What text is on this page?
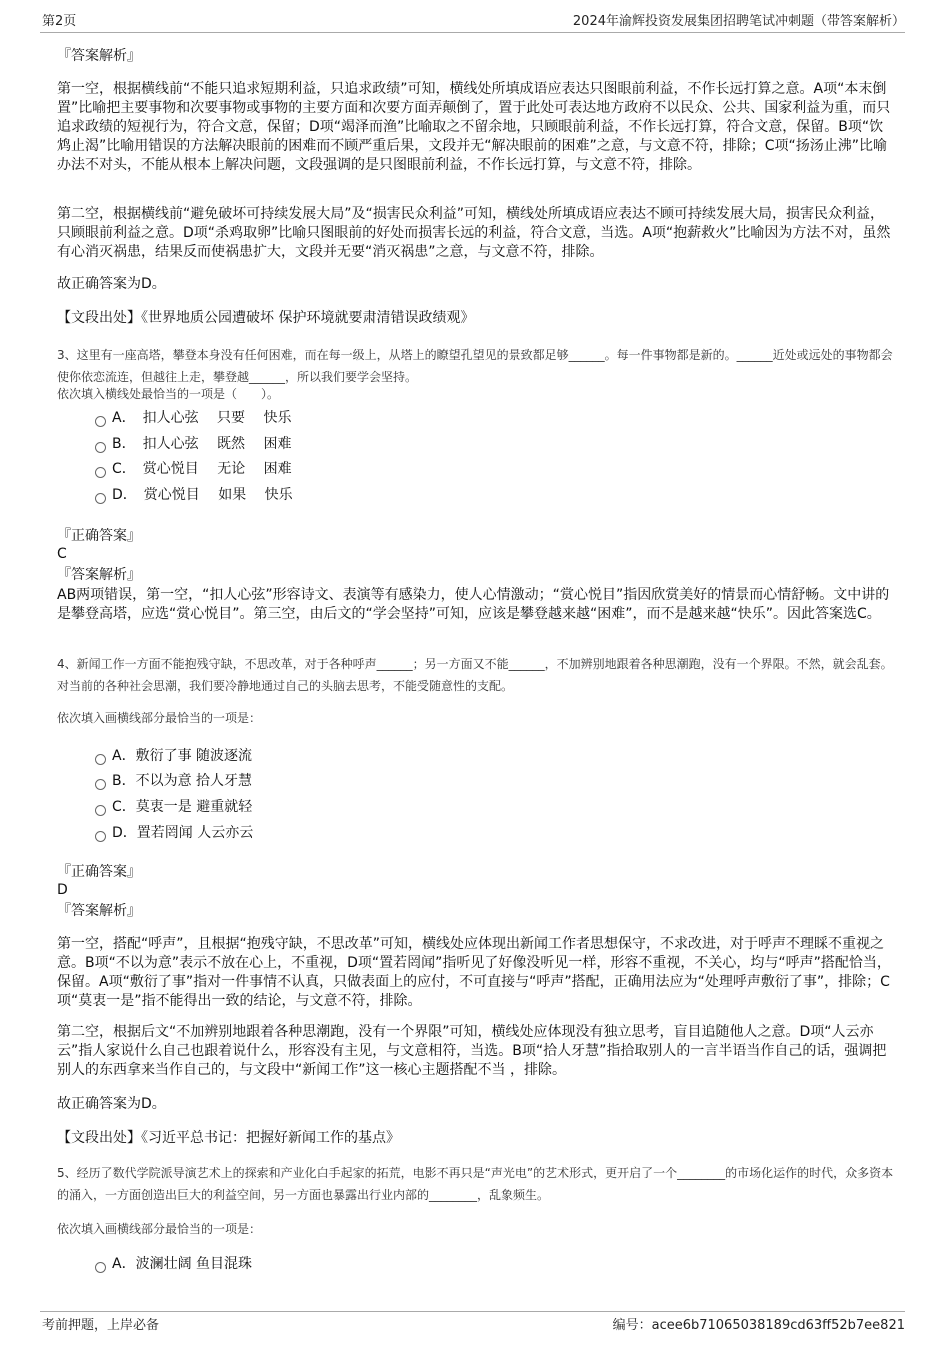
第2页	2024年渝辉投资发展集团招聘笔试冲刺题（带答案解析）
『答案解析』
第一空，根据横线前“不能只追求短期利益，只追求政绩”可知，横线处所填成语应表达只图眼前利益，不作长远打算之意。A项“本末倒置”比喻把主要事物和次要事物或事物的主要方面和次要方面弄颠倒了，置于此处可表达地方政府不以民众、公共、国家利益为重，而只追求政绩的短视行为，符合文意，保留；D项“竭泽而渔”比喻取之不留余地，只顾眼前利益，不作长远打算，符合文意，保留。B项“饮鸩止渴”比喻用错误的方法解决眼前的困难而不顾严重后果，文段并无“解决眼前的困难”之意，与文意不符，排除；C项“扬汤止沸”比喻办法不对头，不能从根本上解决问题，文段强调的是只图眼前利益，不作长远打算，与文意不符，排除。
第二空，根据横线前“避免破坏可持续发展大局”及“损害民众利益”可知，横线处所填成语应表达不顾可持续发展大局，损害民众利益，只顾眼前利益之意。D项“杀鸡取卵”比喻只图眼前的好处而损害长远的利益，符合文意，当选。A项“抱薪救火”比喻因为方法不对，虽然有心消灭祸患，结果反而使祸患扩大，文段并无要“消灭祸患”之意，与文意不符，排除。
故正确答案为D。
【文段出处】《世界地质公园遭破坏 保护环境就要肃清错误政绩观》
3、这里有一座高塔，攀登本身没有任何困难，而在每一级上，从塔上的瞭望孔望见的景致都足够______。每一件事物都是新的。______近处或远处的事物都会使你依恋流连，但越往上走，攀登越______，所以我们要学会坚持。
依次填入横线处最恰当的一项是（　　）。
A．　扣人心弦　 只要　 快乐
B．　扣人心弦　 既然　 困难
C．　赏心悦目　 无论　 困难
D．　赏心悦目　 如果　 快乐
『正确答案』
C
『答案解析』
AB两项错误，第一空，“扣人心弦”形容诗文、表演等有感染力，使人心情激动；“赏心悦目”指因欣赏美好的情景而心情舒畅。文中讲的是攀登高塔，应选“赏心悦目”。第三空，由后文的“学会坚持”可知，应该是攀登越来越“困难”，而不是越来越“快乐”。因此答案选C。
4、新闻工作一方面不能抱残守缺，不思改革，对于各种呼声______；另一方面又不能______，不加辨别地跟着各种思潮跑，没有一个界限。不然，就会乱套。对当前的各种社会思潮，我们要冷静地通过自己的头脑去思考，不能受随意性的支配。
依次填入画横线部分最恰当的一项是：
A．敷衍了事 随波逐流
B．不以为意 拾人牙慧
C．莫衷一是 避重就轻
D．置若罔闻 人云亦云
『正确答案』
D
『答案解析』
第一空，搭配“呼声”，且根据“抱残守缺，不思改革”可知，横线处应体现出新闻工作者思想保守，不求改进，对于呼声不理睬不重视之意。B项“不以为意”表示不放在心上，不重视，D项“置若罔闻”指听见了好像没听见一样，形容不重视，不关心，均与“呼声”搭配恰当，保留。A项“敷衍了事”指对一件事情不认真，只做表面上的应付，不可直接与“呼声”搭配，正确用法应为“处理呼声敷衍了事”，排除；C项“莫衷一是”指不能得出一致的结论，与文意不符，排除。
第二空，根据后文“不加辨别地跟着各种思潮跑，没有一个界限”可知，横线处应体现没有独立思考，盲目追随他人之意。D项“人云亦云”指人家说什么自己也跟着说什么，形容没有主见，与文意相符，当选。B项“拾人牙慧”指拾取别人的一言半语当作自己的话，强调把别人的东西拿来当作自己的，与文段中“新闻工作”这一核心主题搭配不当 ，排除。
故正确答案为D。
【文段出处】《习近平总书记：把握好新闻工作的基点》
5、经历了数代学院派导演艺术上的探索和产业化白手起家的拓荒，电影不再只是“声光电”的艺术形式，更开启了一个________的市场化运作的时代，众多资本的涌入，一方面创造出巨大的利益空间，另一方面也暴露出行业内部的________，乱象频生。
依次填入画横线部分最恰当的一项是：
A．波澜壮阔 鱼目混珠
考前押题，上岸必备	编号：acee6b71065038189cd63ff52b7ee821
